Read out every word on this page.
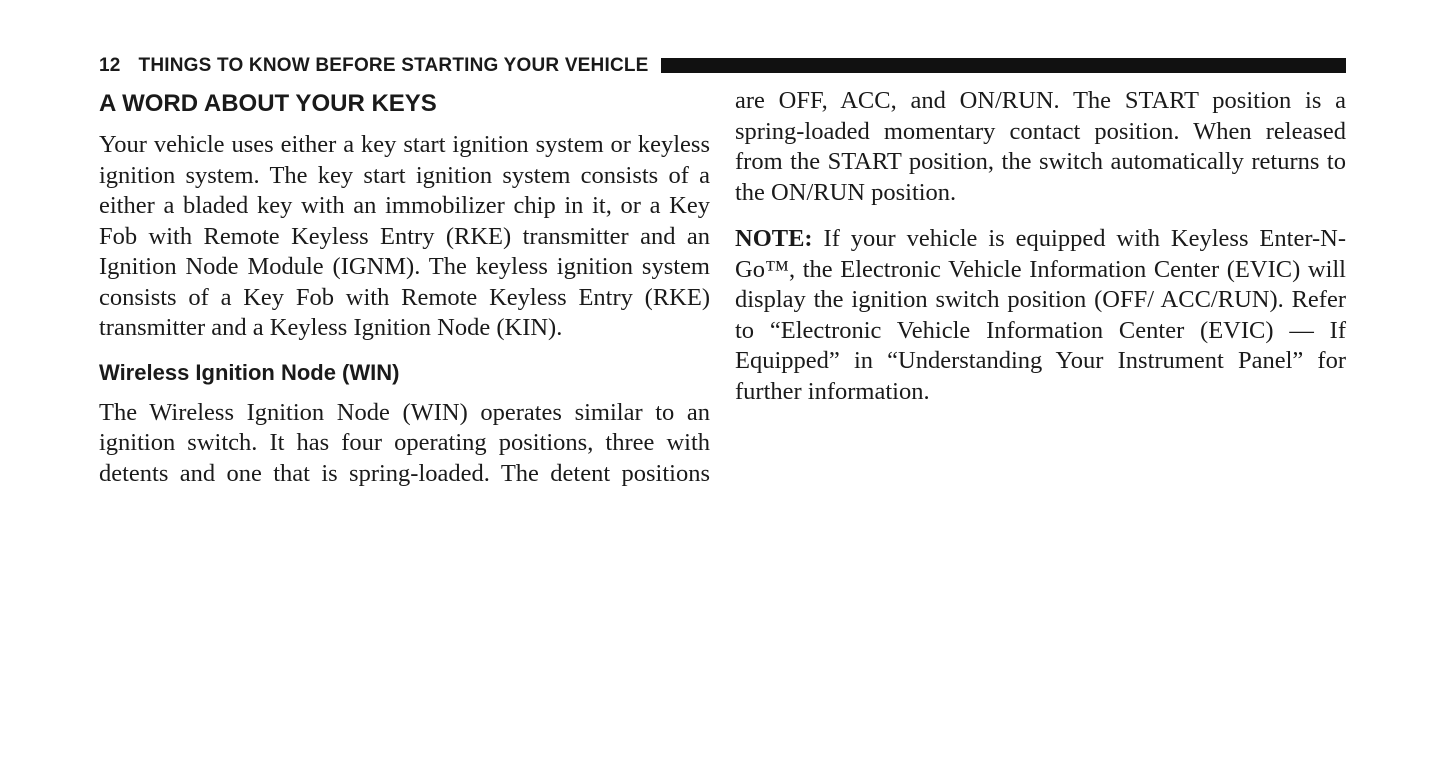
12 THINGS TO KNOW BEFORE STARTING YOUR VEHICLE
A WORD ABOUT YOUR KEYS

Your vehicle uses either a key start ignition system or keyless ignition system. The key start ignition system consists of a either a bladed key with an immobilizer chip in it, or a Key Fob with Remote Keyless Entry (RKE) transmitter and an Ignition Node Module (IGNM). The keyless ignition system consists of a Key Fob with Remote Keyless Entry (RKE) transmitter and a Keyless Ignition Node (KIN).

Wireless Ignition Node (WIN)

The Wireless Ignition Node (WIN) operates similar to an ignition switch. It has four operating positions, three with detents and one that is spring-loaded. The detent positions

are OFF, ACC, and ON/RUN. The START position is a spring-loaded momentary contact position. When released from the START position, the switch automatically returns to the ON/RUN position.

NOTE: If your vehicle is equipped with Keyless Enter-N-Go™, the Electronic Vehicle Information Center (EVIC) will display the ignition switch position (OFF/ ACC/RUN). Refer to “Electronic Vehicle Information Center (EVIC) — If Equipped” in “Understanding Your Instrument Panel” for further information.
